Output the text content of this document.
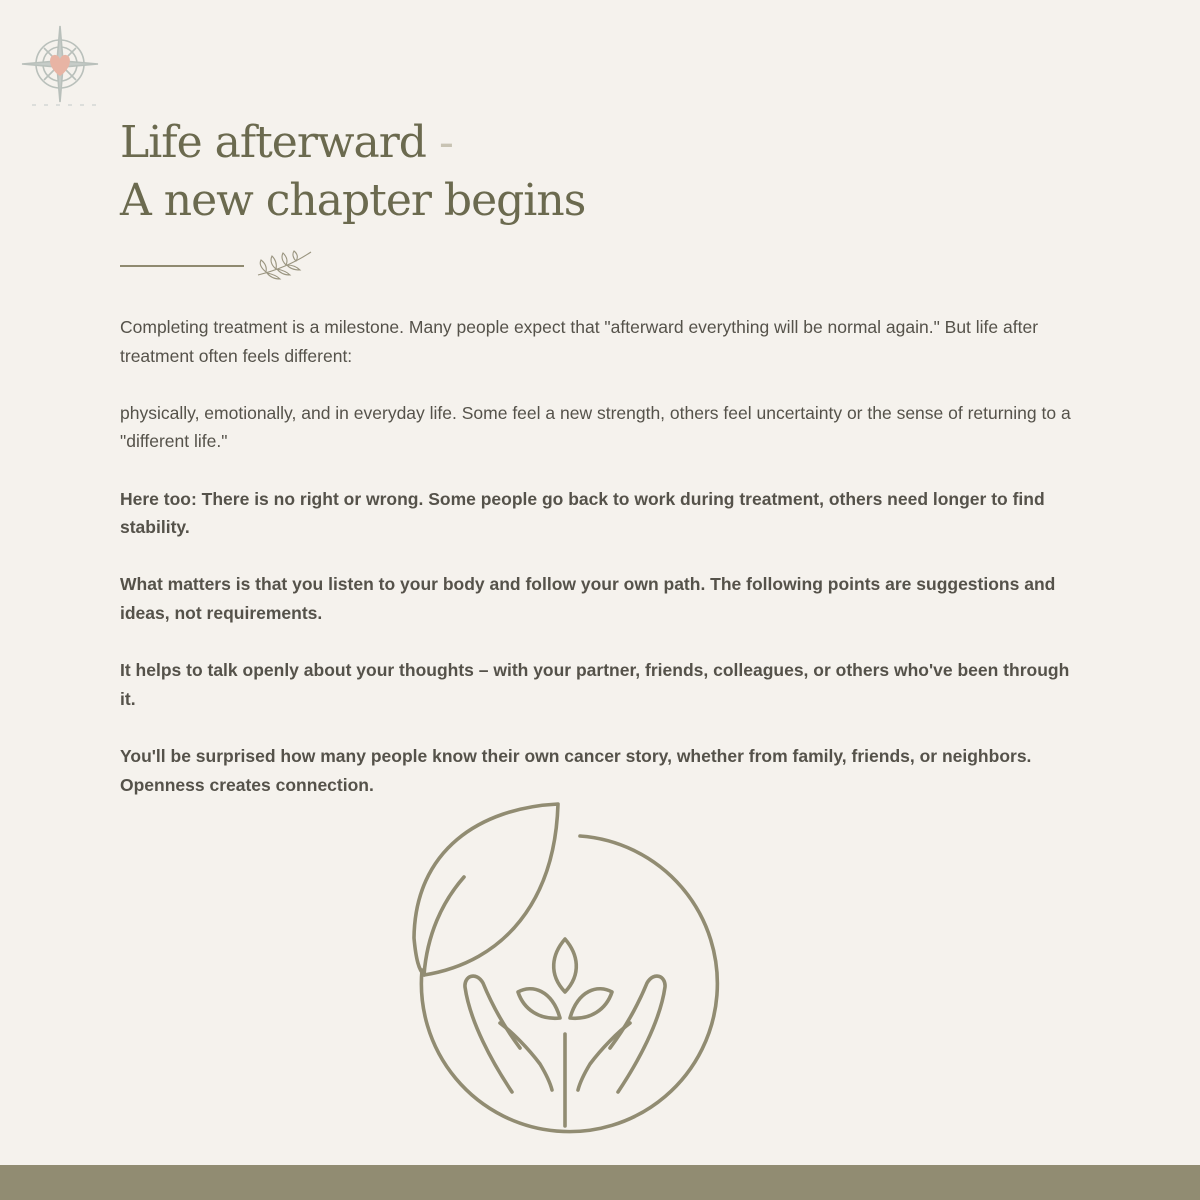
Life afterward -
A new chapter begins

Completing treatment is a milestone. Many people expect that "afterward everything will be normal again." But life after treatment often feels different:

physically, emotionally, and in everyday life. Some feel a new strength, others feel uncertainty or the sense of returning to a "different life."

Here too: There is no right or wrong. Some people go back to work during treatment, others need longer to find stability.

What matters is that you listen to your body and follow your own path. The following points are suggestions and ideas, not requirements.

It helps to talk openly about your thoughts – with your partner, friends, colleagues, or others who've been through it.

You'll be surprised how many people know their own cancer story, whether from family, friends, or neighbors. Openness creates connection.
